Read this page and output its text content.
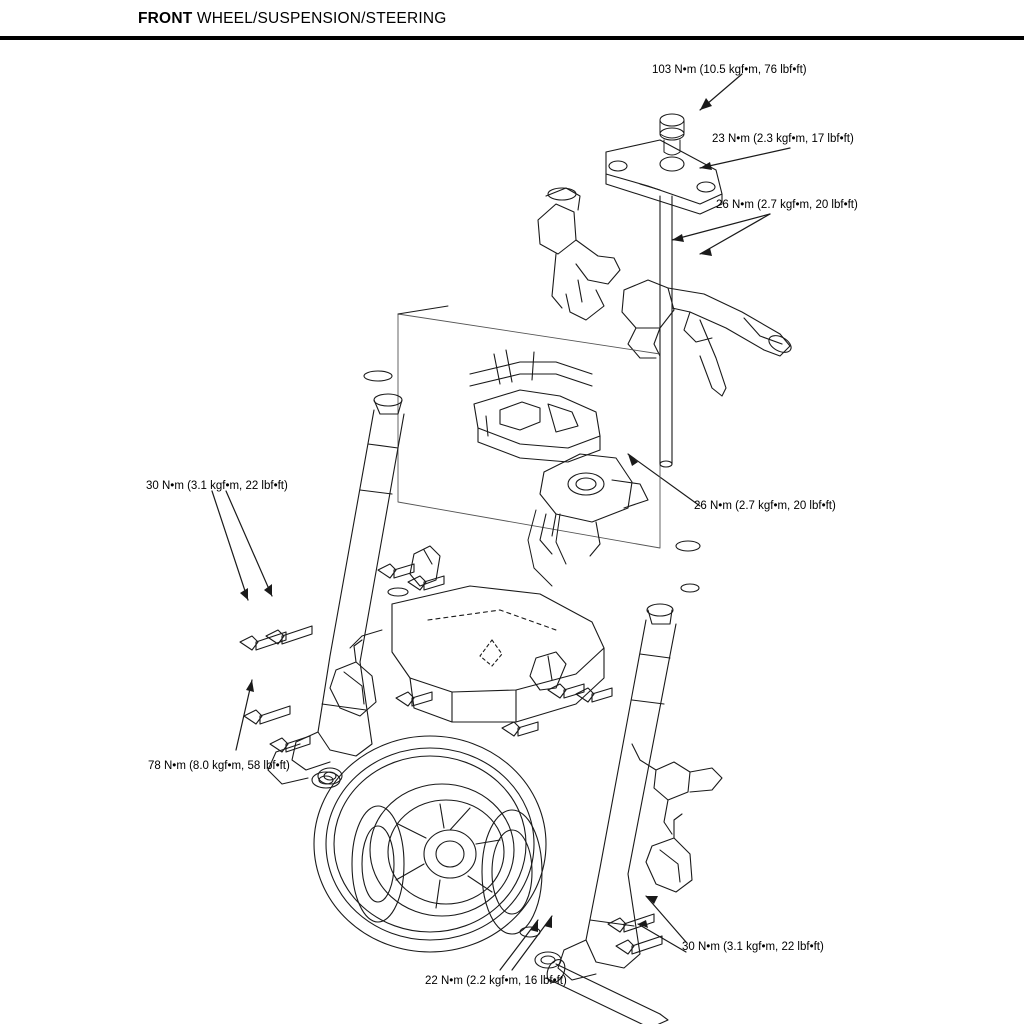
FRONT WHEEL/SUSPENSION/STEERING
103 N•m (10.5 kgf•m, 76 lbf•ft)
23 N•m (2.3 kgf•m, 17 lbf•ft)
26 N•m (2.7 kgf•m, 20 lbf•ft)
26 N•m (2.7 kgf•m, 20 lbf•ft)
30 N•m (3.1 kgf•m, 22 lbf•ft)
78 N•m (8.0 kgf•m, 58 lbf•ft)
30 N•m (3.1 kgf•m, 22 lbf•ft)
22 N•m (2.2 kgf•m, 16 lbf•ft)
